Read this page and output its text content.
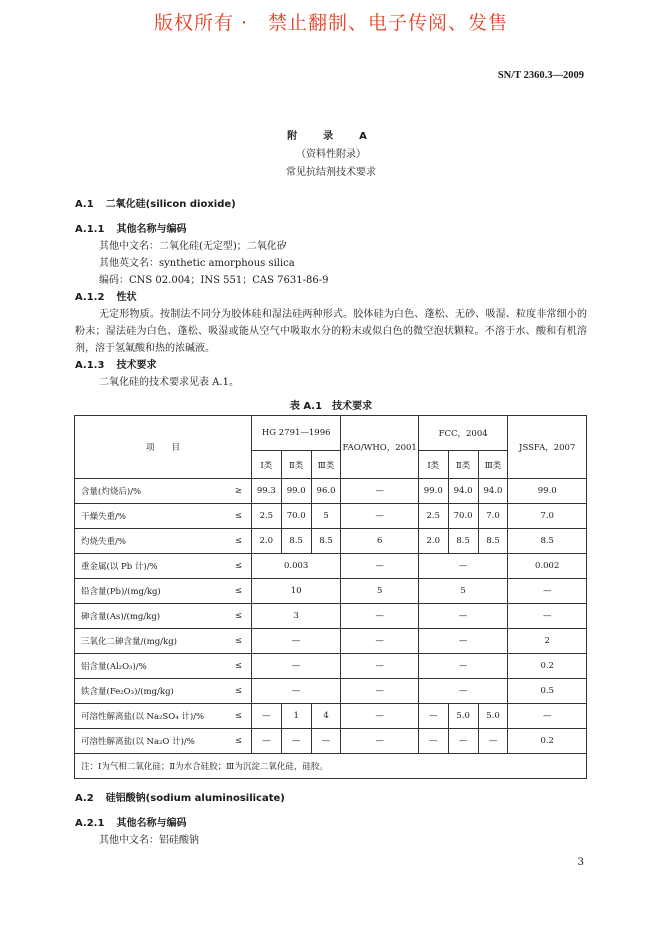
版权所有 ·　禁止翻制、电子传阅、发售
SN/T 2360.3—2009
附　录　A
（资料性附录）
常见抗结剂技术要求
A.1 二氧化硅(silicon dioxide)
A.1.1 其他名称与编码
其他中文名：二氧化硅(无定型)；二氧化矽
其他英文名：synthetic amorphous silica
编码：CNS 02.004；INS 551；CAS 7631-86-9
A.1.2 性状
无定形物质。按制法不同分为胶体硅和湿法硅两种形式。胶体硅为白色、蓬松、无砂、吸湿、粒度非常细小的粉末；湿法硅为白色、蓬松、吸湿或能从空气中吸取水分的粉末或似白色的微空泡状颗粒。不溶于水、酸和有机溶剂，溶于氢氟酸和热的浓碱液。
A.1.3 技术要求
二氧化硅的技术要求见表 A.1。
表 A.1　技术要求
项　　目		HG 2791—1996			FAO/WHO，2001	FCC，2004			JSSFA，2007
		Ⅰ类	Ⅱ类	Ⅲ类		Ⅰ类	Ⅱ类	Ⅲ类	
含量(灼烧后)/%	≥	99.3	99.0	96.0	—	99.0	94.0	94.0	99.0
干燥失重/%	≤	2.5	70.0	5	—	2.5	70.0	7.0	7.0
灼烧失重/%	≤	2.0	8.5	8.5	6	2.0	8.5	8.5	8.5
重金属(以 Pb 计)/%	≤	0.003			—	—			0.002
铅含量(Pb)/(mg/kg)	≤	10			5	5			—
砷含量(As)/(mg/kg)	≤	3			—	—			—
三氧化二砷含量/(mg/kg)	≤	—			—	—			2
铝含量(Al₂O₃)/%	≤	—			—	—			0.2
铁含量(Fe₂O₃)/(mg/kg)	≤	—			—	—			0.5
可溶性解离盐(以 Na₂SO₄ 计)/%	≤	—	1	4	—	—	5.0	5.0	—
可溶性解离盐(以 Na₂O 计)/%	≤	—	—	—	—	—	—	—	0.2
注：Ⅰ为气相二氧化硅；Ⅱ为水合硅胶；Ⅲ为沉淀二氧化硅，硅胶。									
A.2 硅铝酸钠(sodium aluminosilicate)
A.2.1 其他名称与编码
其他中文名：铝硅酸钠
3
